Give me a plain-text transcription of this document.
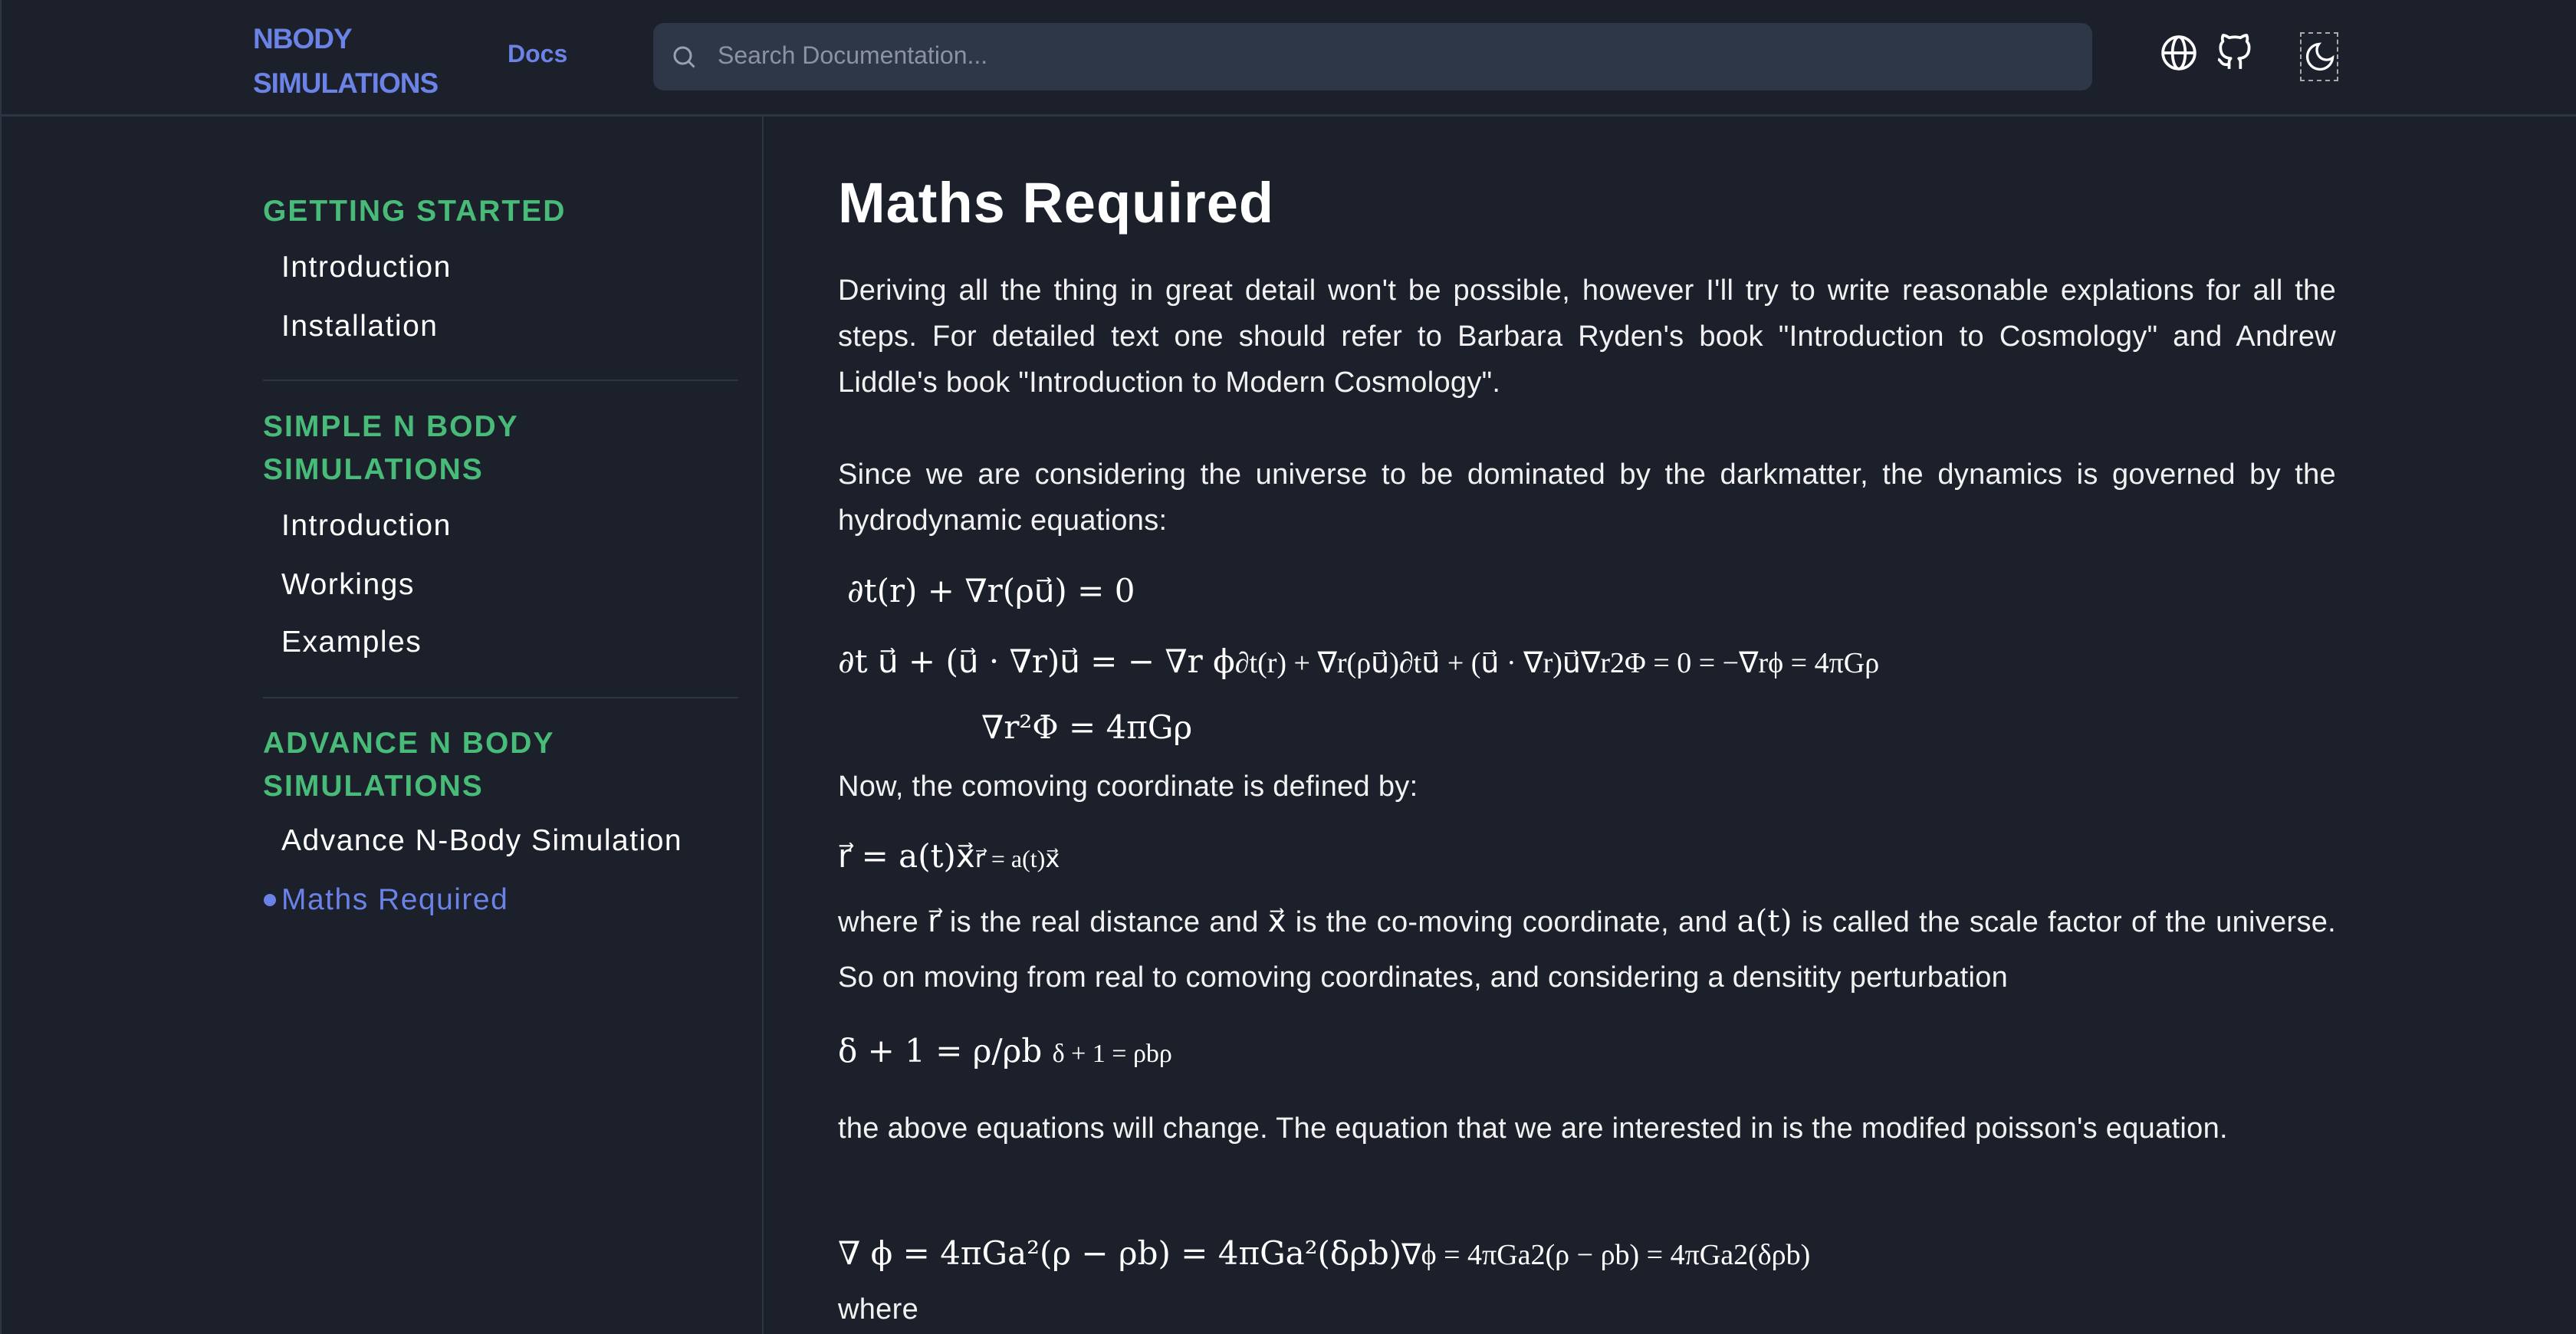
NBODY
SIMULATIONS
Docs	Search Documentation...
GETTING STARTED
Introduction
Installation
SIMPLE N BODY
SIMULATIONS
Introduction
Workings
Examples
ADVANCE N BODY
SIMULATIONS
Advance N-Body Simulation
Maths Required
Maths Required

Deriving all the thing in great detail won't be possible, however I'll try to write reasonable explations for all the steps. For detailed text one should refer to Barbara Ryden's book "Introduction to Cosmology" and Andrew Liddle's book "Introduction to Modern Cosmology".

Since we are considering the universe to be dominated by the darkmatter, the dynamics is governed by the hydrodynamic equations:

∂t(r) + ∇r(ρu⃗) = 0
∂t u⃗ + (u⃗ · ∇r)u⃗ = − ∇r ϕ∂t(r) + ∇r(ρu⃗)∂tu⃗ + (u⃗ · ∇r)u⃗∇r2Φ = 0 = −∇rϕ = 4πGρ
∇r²Φ = 4πGρ

Now, the comoving coordinate is defined by:

r⃗ = a(t)x⃗r⃗ = a(t)x⃗

where r⃗ is the real distance and x⃗ is the co-moving coordinate, and a(t) is called the scale factor of the universe. So on moving from real to comoving coordinates, and considering a densitity perturbation

δ + 1 = ρ/ρb δ + 1 = ρbρ

the above equations will change. The equation that we are interested in is the modifed poisson's equation.

∇ ϕ = 4πGa²(ρ − ρb) = 4πGa²(δρb)∇ϕ = 4πGa2(ρ − ρb) = 4πGa2(δρb)

where
